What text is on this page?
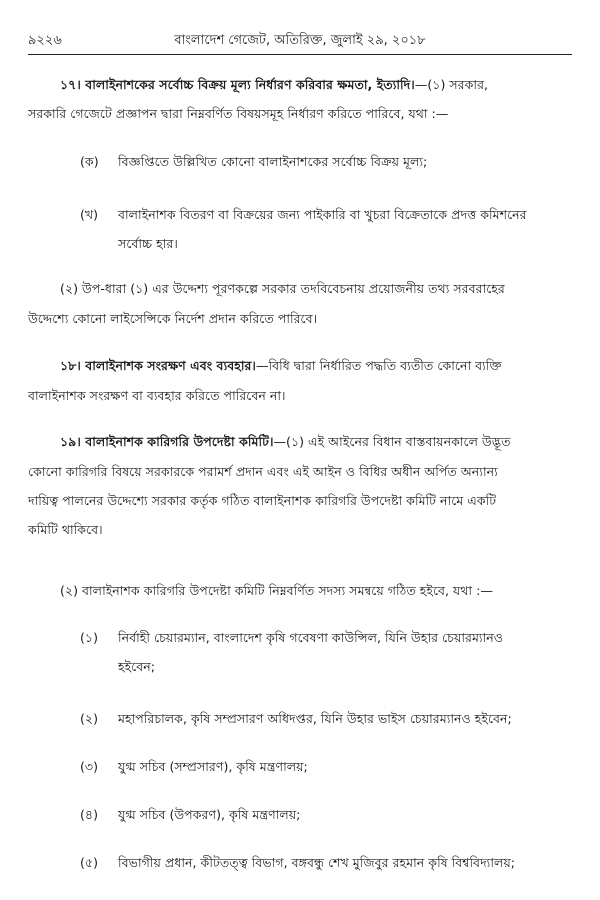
৯২২৬	বাংলাদেশ গেজেট, অতিরিক্ত, জুলাই ২৯, ২০১৮
১৭। বালাইনাশকের সর্বোচ্চ বিক্রয় মূল্য নির্ধারণ করিবার ক্ষমতা, ইত্যাদি।—(১) সরকার,
সরকারি গেজেটে প্রজ্ঞাপন দ্বারা নিম্নবর্ণিত বিষয়সমূহ নির্ধারণ করিতে পারিবে, যথা :—
(ক) বিজ্ঞপ্তিতে উল্লিখিত কোনো বালাইনাশকের সর্বোচ্চ বিক্রয় মূল্য;
(খ) বালাইনাশক বিতরণ বা বিক্রয়ের জন্য পাইকারি বা খুচরা বিক্রেতাকে প্রদত্ত কমিশনের
সর্বোচ্চ হার।
(২) উপ-ধারা (১) এর উদ্দেশ্য পূরণকল্পে সরকার তদবিবেচনায় প্রয়োজনীয় তথ্য সরবরাহের
উদ্দেশ্যে কোনো লাইসেন্সিকে নির্দেশ প্রদান করিতে পারিবে।
১৮। বালাইনাশক সংরক্ষণ এবং ব্যবহার।—বিধি দ্বারা নির্ধারিত পদ্ধতি ব্যতীত কোনো ব্যক্তি
বালাইনাশক সংরক্ষণ বা ব্যবহার করিতে পারিবেন না।
১৯। বালাইনাশক কারিগরি উপদেষ্টা কমিটি।—(১) এই আইনের বিধান বাস্তবায়নকালে উদ্ভূত
কোনো কারিগরি বিষয়ে সরকারকে পরামর্শ প্রদান এবং এই আইন ও বিধির অধীন অর্পিত অন্যান্য
দায়িত্ব পালনের উদ্দেশ্যে সরকার কর্তৃক গঠিত বালাইনাশক কারিগরি উপদেষ্টা কমিটি নামে একটি
কমিটি থাকিবে।
(২) বালাইনাশক কারিগরি উপদেষ্টা কমিটি নিম্নবর্ণিত সদস্য সমন্বয়ে গঠিত হইবে, যথা :—
(১) নির্বাহী চেয়ারম্যান, বাংলাদেশ কৃষি গবেষণা কাউন্সিল, যিনি উহার চেয়ারম্যানও
হইবেন;
(২) মহাপরিচালক, কৃষি সম্প্রসারণ অধিদপ্তর, যিনি উহার ভাইস চেয়ারম্যানও হইবেন;
(৩) যুগ্ম সচিব (সম্প্রসারণ), কৃষি মন্ত্রণালয়;
(৪) যুগ্ম সচিব (উপকরণ), কৃষি মন্ত্রণালয়;
(৫) বিভাগীয় প্রধান, কীটতত্ত্ব বিভাগ, বঙ্গবন্ধু শেখ মুজিবুর রহমান কৃষি বিশ্ববিদ্যালয়;
